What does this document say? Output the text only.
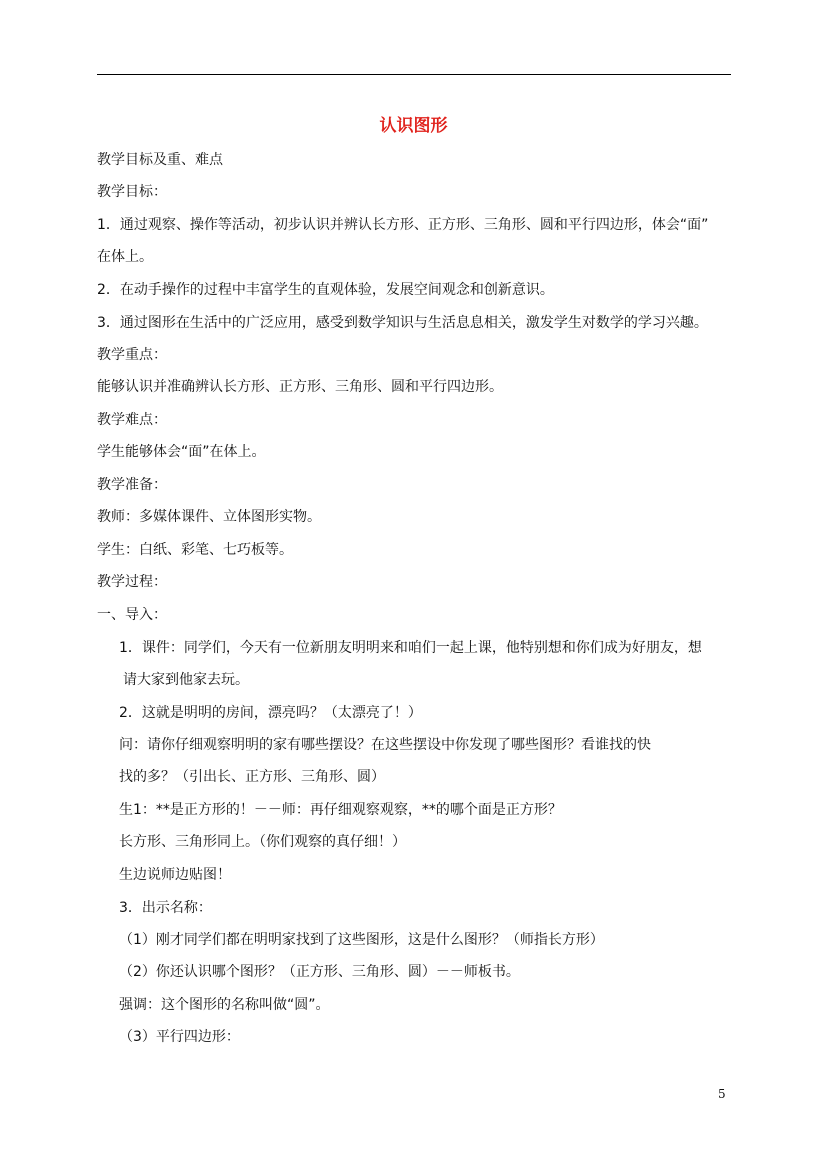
认识图形
教学目标及重、难点
教学目标：
1．通过观察、操作等活动，初步认识并辨认长方形、正方形、三角形、圆和平行四边形，体会“面”
在体上。
2．在动手操作的过程中丰富学生的直观体验，发展空间观念和创新意识。
3．通过图形在生活中的广泛应用，感受到数学知识与生活息息相关，激发学生对数学的学习兴趣。
教学重点：
能够认识并准确辨认长方形、正方形、三角形、圆和平行四边形。
教学难点：
学生能够体会“面”在体上。
教学准备：
教师：多媒体课件、立体图形实物。
学生：白纸、彩笔、七巧板等。
教学过程：
一、导入：
1．课件：同学们，今天有一位新朋友明明来和咱们一起上课，他特别想和你们成为好朋友，想
请大家到他家去玩。
2．这就是明明的房间，漂亮吗？（太漂亮了！）
问：请你仔细观察明明的家有哪些摆设？在这些摆设中你发现了哪些图形？看谁找的快
找的多？（引出长、正方形、三角形、圆）
生1：**是正方形的！－－师：再仔细观察观察，**的哪个面是正方形？
长方形、三角形同上。（你们观察的真仔细！）
生边说师边贴图！
3．出示名称：
（1）刚才同学们都在明明家找到了这些图形，这是什么图形？（师指长方形）
（2）你还认识哪个图形？（正方形、三角形、圆）－－师板书。
强调：这个图形的名称叫做“圆”。
（3）平行四边形：
5
